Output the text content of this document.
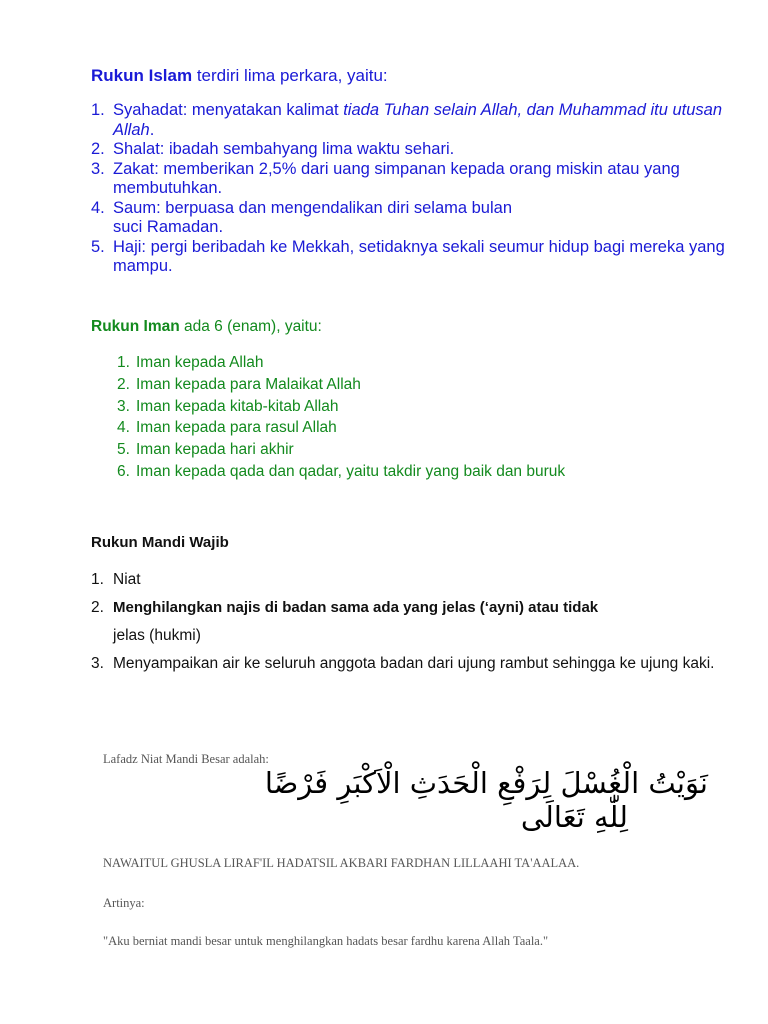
Rukun Islam terdiri lima perkara, yaitu:
1. Syahadat: menyatakan kalimat tiada Tuhan selain Allah, dan Muhammad itu utusan Allah.
2. Shalat: ibadah sembahyang lima waktu sehari.
3. Zakat: memberikan 2,5% dari uang simpanan kepada orang miskin atau yang membutuhkan.
4. Saum: berpuasa dan mengendalikan diri selama bulan
suci Ramadan.
5. Haji: pergi beribadah ke Mekkah, setidaknya sekali seumur hidup bagi mereka yang mampu.
Rukun Iman ada 6 (enam), yaitu:
1. Iman kepada Allah
2. Iman kepada para Malaikat Allah
3. Iman kepada kitab-kitab Allah
4. Iman kepada para rasul Allah
5. Iman kepada hari akhir
6. Iman kepada qada dan qadar, yaitu takdir yang baik dan buruk
Rukun Mandi Wajib
1. Niat
2. Menghilangkan najis di badan sama ada yang jelas (‘ayni) atau tidak
jelas (hukmi)
3. Menyampaikan air ke seluruh anggota badan dari ujung rambut sehingga ke ujung kaki.
Lafadz Niat Mandi Besar adalah:
نَوَيْتُ الْغُسْلَ لِرَفْعِ الْحَدَثِ الْاَكْبَرِ فَرْضًا
لِلّٰهِ تَعَالَى
NAWAITUL GHUSLA LIRAF'IL HADATSIL AKBARI FARDHAN LILLAAHI TA'AALAA.
Artinya:
"Aku berniat mandi besar untuk menghilangkan hadats besar fardhu karena Allah Taala."
